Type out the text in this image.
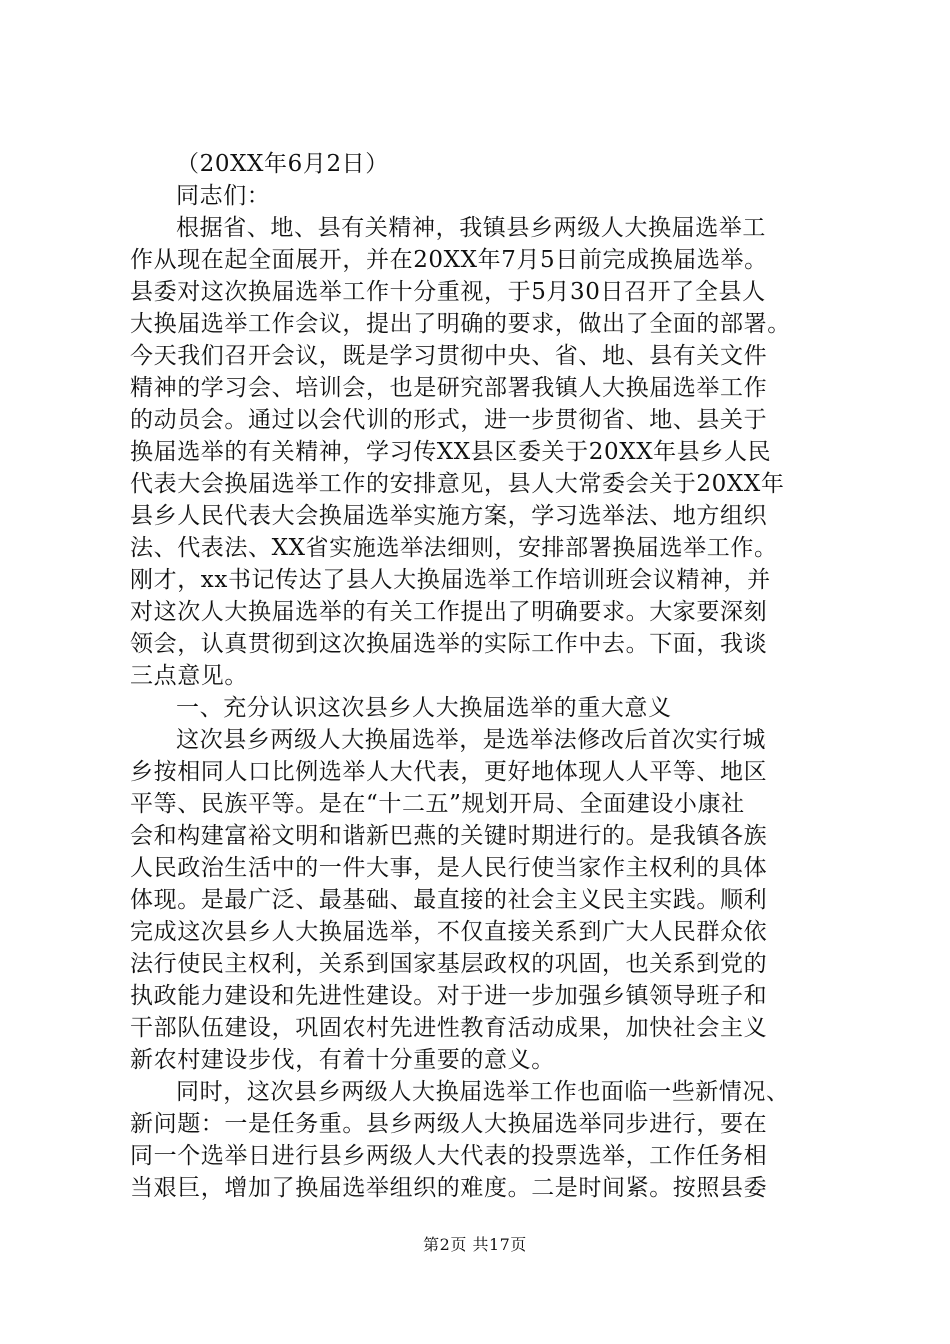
（20XX年6月2日）
同志们：
根据省、地、县有关精神，我镇县乡两级人大换届选举工
作从现在起全面展开，并在20XX年7月5日前完成换届选举。
县委对这次换届选举工作十分重视，于5月30日召开了全县人
大换届选举工作会议，提出了明确的要求，做出了全面的部署。
今天我们召开会议，既是学习贯彻中央、省、地、县有关文件
精神的学习会、培训会，也是研究部署我镇人大换届选举工作
的动员会。通过以会代训的形式，进一步贯彻省、地、县关于
换届选举的有关精神，学习传XX县区委关于20XX年县乡人民
代表大会换届选举工作的安排意见，县人大常委会关于20XX年
县乡人民代表大会换届选举实施方案，学习选举法、地方组织
法、代表法、XX省实施选举法细则，安排部署换届选举工作。
刚才，xx书记传达了县人大换届选举工作培训班会议精神，并
对这次人大换届选举的有关工作提出了明确要求。大家要深刻
领会，认真贯彻到这次换届选举的实际工作中去。下面，我谈
三点意见。
一、充分认识这次县乡人大换届选举的重大意义
这次县乡两级人大换届选举，是选举法修改后首次实行城
乡按相同人口比例选举人大代表，更好地体现人人平等、地区
平等、民族平等。是在“十二五”规划开局、全面建设小康社
会和构建富裕文明和谐新巴燕的关键时期进行的。是我镇各族
人民政治生活中的一件大事，是人民行使当家作主权利的具体
体现。是最广泛、最基础、最直接的社会主义民主实践。顺利
完成这次县乡人大换届选举，不仅直接关系到广大人民群众依
法行使民主权利，关系到国家基层政权的巩固，也关系到党的
执政能力建设和先进性建设。对于进一步加强乡镇领导班子和
干部队伍建设，巩固农村先进性教育活动成果，加快社会主义
新农村建设步伐，有着十分重要的意义。
同时，这次县乡两级人大换届选举工作也面临一些新情况、
新问题：一是任务重。县乡两级人大换届选举同步进行，要在
同一个选举日进行县乡两级人大代表的投票选举，工作任务相
当艰巨，增加了换届选举组织的难度。二是时间紧。按照县委
第2页 共17页
